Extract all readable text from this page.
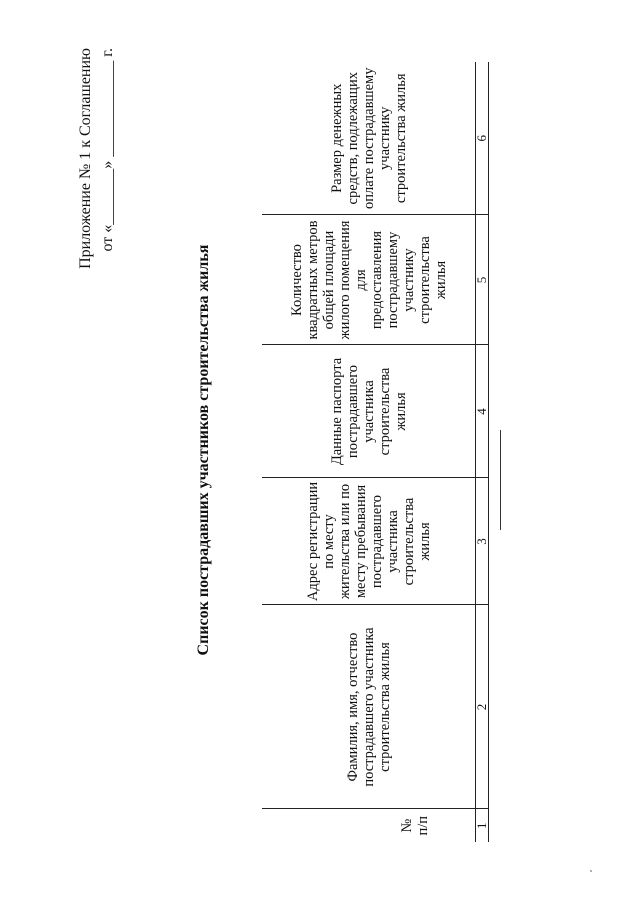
Приложение № 1 к Соглашению от «_______» ____________ г.
Список пострадавших участников строительства жилья
№ п/п	Фамилия, имя, отчество пострадавшего участника строительства жилья	Адрес регистрации по месту жительства или по месту пребывания пострадавшего участника строительства жилья	Данные паспорта пострадавшего участника строительства жилья	Количество квадратных метров общей площади жилого помещения для предоставления пострадавшему участнику строительства жилья	Размер денежных средств, подлежащих оплате пострадавшему участнику строительства жилья
1	2	3	4	5	6
